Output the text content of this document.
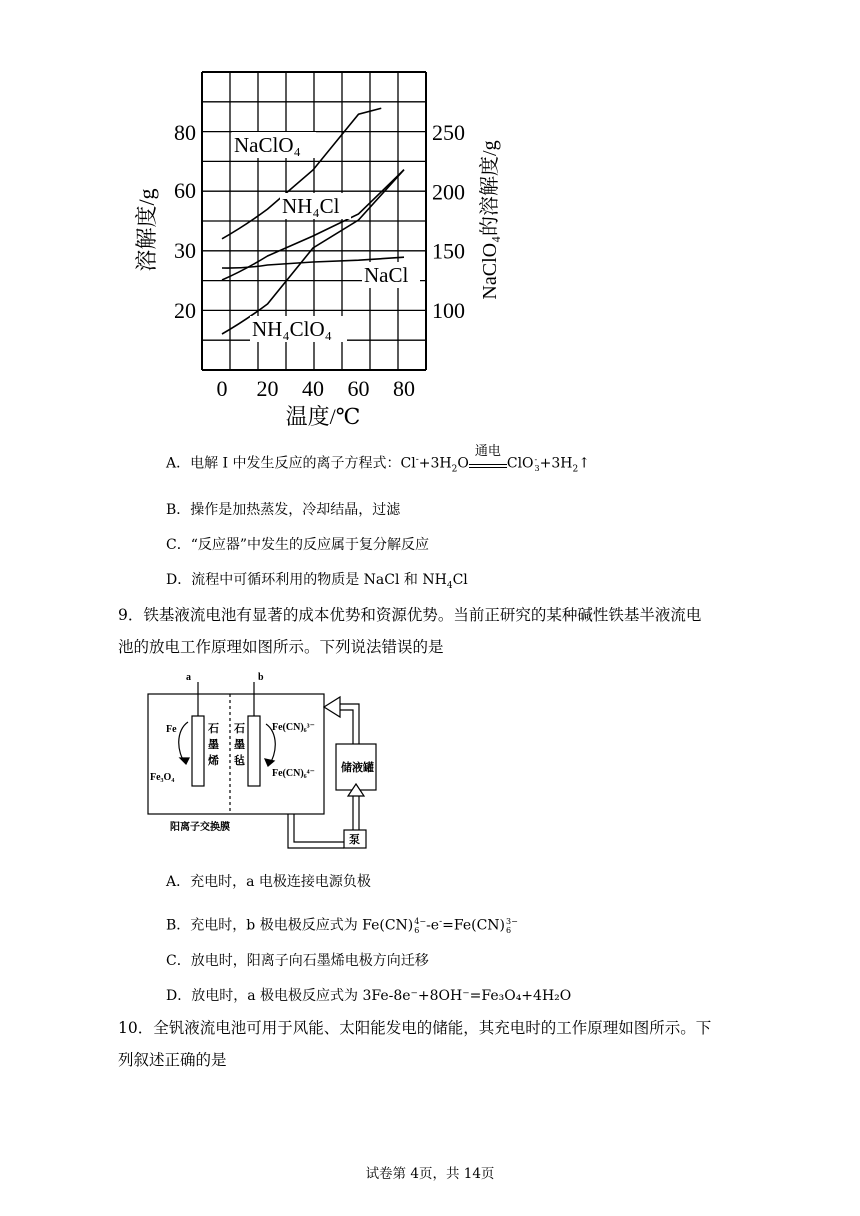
0 20 40 60 80
20
30
60
80
100
150
200
250
温度/℃
溶解度/g	NaClO₄的溶解度/g
NaClO₄
NH₄Cl
NaCl
NH₄ClO₄
A．电解 I 中发生反应的离子方程式：$Cl^-+3H_2O$
通电
ClO -
$3 +3H_2↑$
B．操作是加热蒸发，冷却结晶，过滤
C．“反应器”中发生的反应属于复分解反应
D．流程中可循环利用的物质是 NaCl 和 $NH_4Cl$
9．铁基液流电池有显著的成本优势和资源优势。当前正研究的某种碱性铁基半液流电
池的放电工作原理如图所示。下列说法错误的是
a	b
Fe
Fe₃O₄
Fe(CN)₆³⁻
Fe(CN)₆⁴⁻ 储液罐
泵
阳离子交换膜
石
墨
烯
石
墨
毡
A．充电时，a 电极连接电源负极
B．充电时，b 极电极反应式为 Fe(CN) 4−
6 -e-=Fe(CN) 3−
6
C．放电时，阳离子向石墨烯电极方向迁移
D．放电时，a 极电极反应式为 3Fe-8e⁻+8OH⁻=Fe₃O₄+4H₂O
10．全钒液流电池可用于风能、太阳能发电的储能，其充电时的工作原理如图所示。下
列叙述正确的是
试卷第 4页，共 14页
